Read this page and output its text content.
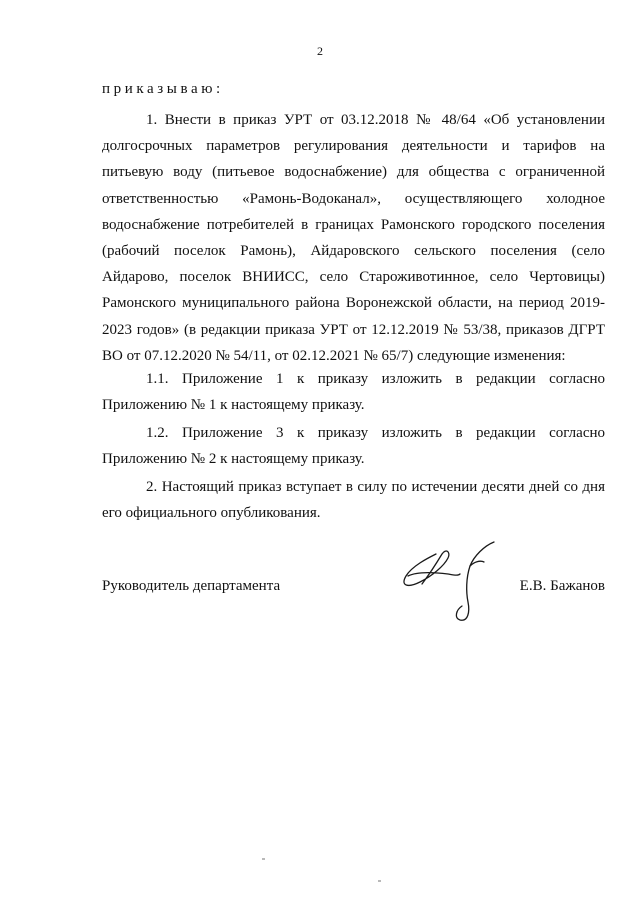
2
приказываю:
1. Внести в приказ УРТ от 03.12.2018 № 48/64 «Об установлении долгосрочных параметров регулирования деятельности и тарифов на питьевую воду (питьевое водоснабжение) для общества с ограниченной ответственностью «Рамонь-Водоканал», осуществляющего холодное водоснабжение потребителей в границах Рамонского городского поселения (рабочий поселок Рамонь), Айдаровского сельского поселения (село Айдарово, поселок ВНИИСС, село Староживотинное, село Чертовицы) Рамонского муниципального района Воронежской области, на период 2019-2023 годов» (в редакции приказа УРТ от 12.12.2019 № 53/38, приказов ДГРТ ВО от 07.12.2020 № 54/11, от 02.12.2021 № 65/7) следующие изменения:
1.1. Приложение 1 к приказу изложить в редакции согласно Приложению № 1 к настоящему приказу.
1.2. Приложение 3 к приказу изложить в редакции согласно Приложению № 2 к настоящему приказу.
2. Настоящий приказ вступает в силу по истечении десяти дней со дня его официального опубликования.
Руководитель департамента	Е.В. Бажанов
